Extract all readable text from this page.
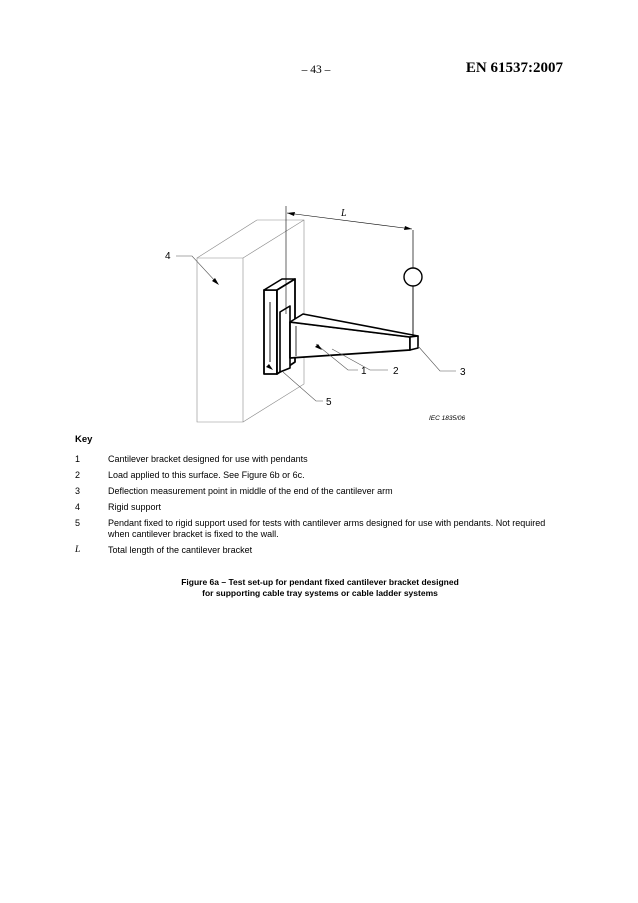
– 43 –	EN 61537:2007
L
4
1	2	3
5
IEC 1835/06
Key
1	Cantilever bracket designed for use with pendants
2	Load applied to this surface. See Figure 6b or 6c.
3	Deflection measurement point in middle of the end of the cantilever arm
4	Rigid support
5	Pendant fixed to rigid support used for tests with cantilever arms designed for use with pendants. Not required when cantilever bracket is fixed to the wall.
L	Total length of the cantilever bracket
Figure 6a – Test set-up for pendant fixed cantilever bracket designed
for supporting cable tray systems or cable ladder systems
